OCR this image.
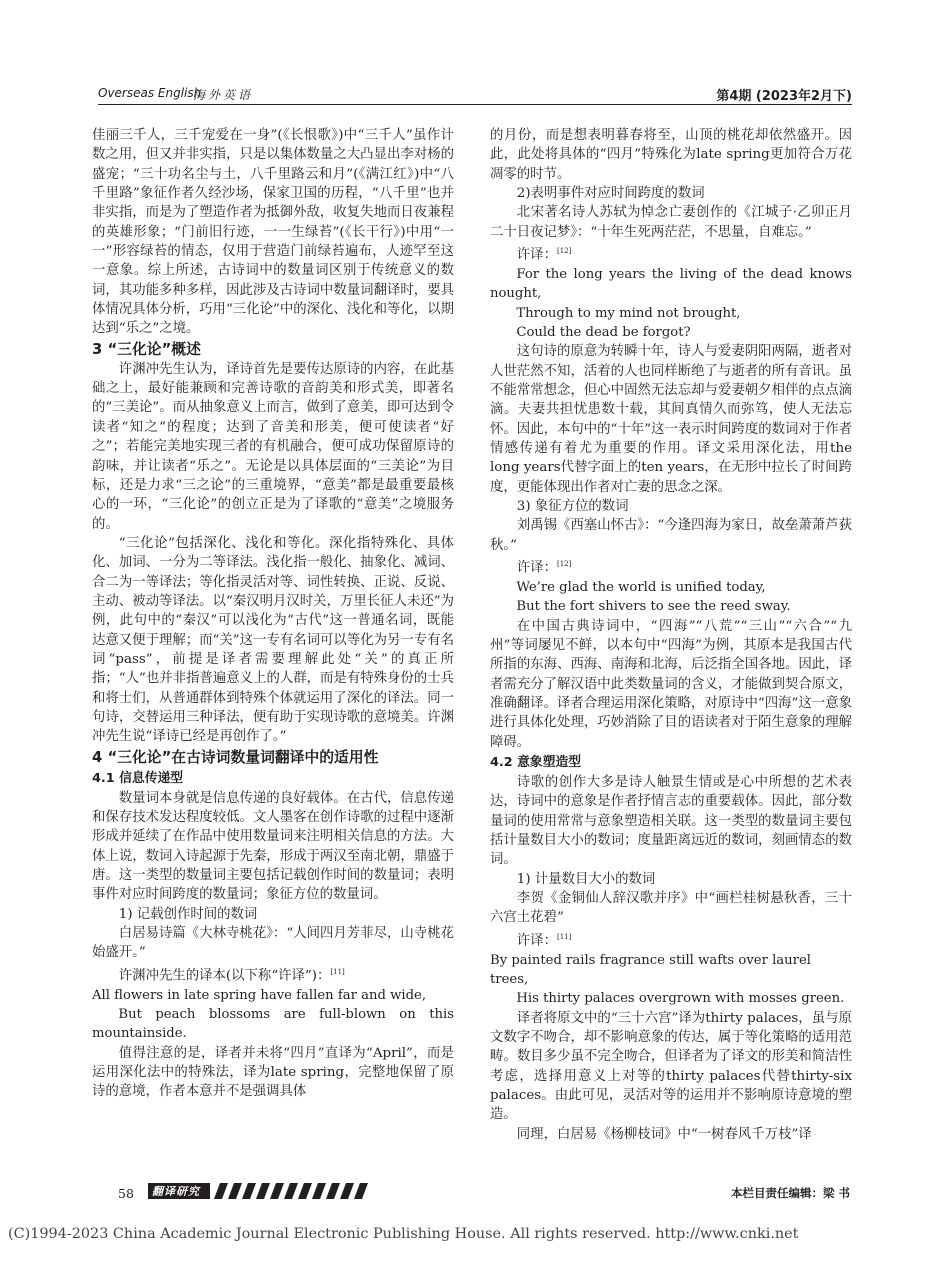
Overseas English
海外英语	第4期 (2023年2月下)

佳丽三千人，三千宠爱在一身”(《长恨歌》)中“三千人”虽作计数之用，但又并非实指，只是以集体数量之大凸显出李对杨的盛宠；“三十功名尘与土，八千里路云和月”(《满江红》)中“八千里路”象征作者久经沙场，保家卫国的历程，“八千里”也并非实指，而是为了塑造作者为抵御外敌，收复失地而日夜兼程的英雄形象；“门前旧行迹，一一生绿苔”(《长干行》)中用“一一”形容绿苔的情态，仅用于营造门前绿苔遍布，人迹罕至这一意象。综上所述，古诗词中的数量词区别于传统意义的数词，其功能多种多样，因此涉及古诗词中数量词翻译时，要具体情况具体分析，巧用“三化论”中的深化、浅化和等化，以期达到“乐之”之境。

3 “三化论”概述

许渊冲先生认为，译诗首先是要传达原诗的内容，在此基础之上，最好能兼顾和完善诗歌的音韵美和形式美，即著名的“三美论”。而从抽象意义上而言，做到了意美，即可达到令读者“知之”的程度；达到了音美和形美，便可使读者“好之”；若能完美地实现三者的有机融合，便可成功保留原诗的韵味，并让读者“乐之”。无论是以具体层面的“三美论”为目标，还是力求“三之论”的三重境界，“意美”都是最重要最核心的一环，“三化论”的创立正是为了译歌的“意美”之境服务的。

“三化论”包括深化、浅化和等化。深化指特殊化、具体化、加词、一分为二等译法。浅化指一般化、抽象化、减词、合二为一等译法；等化指灵活对等、词性转换、正说、反说、主动、被动等译法。以“秦汉明月汉时关，万里长征人未还”为例，此句中的“秦汉”可以浅化为“古代”这一普通名词，既能达意又便于理解；而“关”这一专有名词可以等化为另一专有名词“pass”，前提是译者需要理解此处“关”的真正所指；“人”也并非指普遍意义上的人群，而是有特殊身份的士兵和将士们，从普通群体到特殊个体就运用了深化的译法。同一句诗，交替运用三种译法，便有助于实现诗歌的意境美。许渊冲先生说“译诗已经是再创作了。”

4 “三化论”在古诗词数量词翻译中的适用性

4.1 信息传递型

数量词本身就是信息传递的良好载体。在古代，信息传递和保存技术发达程度较低。文人墨客在创作诗歌的过程中逐渐形成并延续了在作品中使用数量词来注明相关信息的方法。大体上说，数词入诗起源于先秦，形成于两汉至南北朝，鼎盛于唐。这一类型的数量词主要包括记载创作时间的数量词；表明事件对应时间跨度的数量词；象征方位的数量词。

1) 记载创作时间的数词

白居易诗篇《大林寺桃花》：“人间四月芳菲尽，山寺桃花始盛开。”

许渊冲先生的译本(以下称“许译”)：[11]

All flowers in late spring have fallen far and wide,

But peach blossoms are full-blown on this mountainside.

值得注意的是，译者并未将“四月”直译为“April”，而是运用深化法中的特殊法，译为late spring，完整地保留了原诗的意境，作者本意并不是强调具体

的月份，而是想表明暮春将至，山顶的桃花却依然盛开。因此，此处将具体的“四月”特殊化为late spring更加符合万花凋零的时节。

2)表明事件对应时间跨度的数词

北宋著名诗人苏轼为悼念亡妻创作的《江城子·乙卯正月二十日夜记梦》：“十年生死两茫茫，不思量，自难忘。”

许译：[12]

For the long years the living of the dead knows nought,

Through to my mind not brought,

Could the dead be forgot?

这句诗的原意为转瞬十年，诗人与爱妻阴阳两隔，逝者对人世茫然不知，活着的人也同样断绝了与逝者的所有音讯。虽不能常常想念，但心中固然无法忘却与爱妻朝夕相伴的点点滴滴。夫妻共担忧患数十载，其间真情久而弥笃，使人无法忘怀。因此，本句中的“十年”这一表示时间跨度的数词对于作者情感传递有着尤为重要的作用。译文采用深化法，用the long years代替字面上的ten years，在无形中拉长了时间跨度，更能体现出作者对亡妻的思念之深。

3) 象征方位的数词

刘禹锡《西塞山怀古》：“今逢四海为家日，故垒萧萧芦荻秋。”

许译：[12]

We’re glad the world is unified today,

But the fort shivers to see the reed sway.

在中国古典诗词中，“四海”“八荒”“三山”“六合”“九州”等词屡见不鲜，以本句中“四海”为例，其原本是我国古代所指的东海、西海、南海和北海，后泛指全国各地。因此，译者需充分了解汉语中此类数量词的含义，才能做到契合原文，准确翻译。译者合理运用深化策略，对原诗中“四海”这一意象进行具体化处理，巧妙消除了目的语读者对于陌生意象的理解障碍。

4.2 意象塑造型

诗歌的创作大多是诗人触景生情或是心中所想的艺术表达，诗词中的意象是作者抒情言志的重要载体。因此，部分数量词的使用常常与意象塑造相关联。这一类型的数量词主要包括计量数目大小的数词；度量距离远近的数词，刻画情态的数词。

1) 计量数目大小的数词

李贺《金铜仙人辞汉歌并序》中“画栏桂树悬秋香，三十六宫土花碧”

许译：[11]

By painted rails fragrance still wafts over laurel trees,

His thirty palaces overgrown with mosses green.

译者将原文中的“三十六宫”译为thirty palaces，虽与原文数字不吻合，却不影响意象的传达，属于等化策略的适用范畴。数目多少虽不完全吻合，但译者为了译文的形美和简洁性考虑，选择用意义上对等的thirty palaces代替thirty-six palaces。由此可见，灵活对等的运用并不影响原诗意境的塑造。

同理，白居易《杨柳枝词》中“一树春风千万枝”译

58 翻译研究	本栏目责任编辑：梁 书
(C)1994-2023 China Academic Journal Electronic Publishing House. All rights reserved. http://www.cnki.net
